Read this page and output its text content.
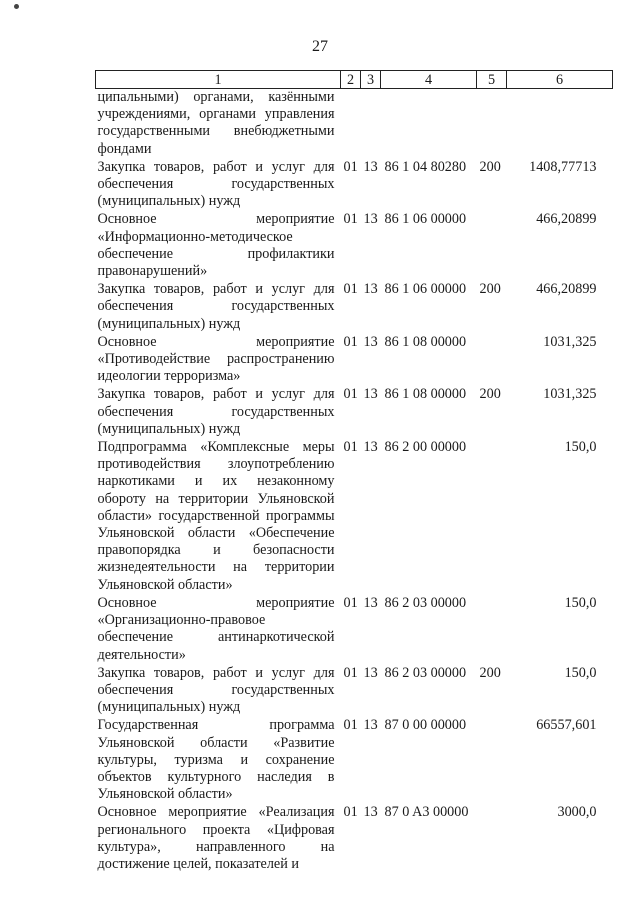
27
1	2	3	4	5	6
ципальными) органами, казёнными учреждениями, органами управления государственными внебюджетными фондами					
Закупка товаров, работ и услуг для обеспечения государственных (муниципальных) нужд	01	13	86 1 04 80280	200	1408,77713
Основное мероприятие «Информационно-методическое обеспечение профилактики правонарушений»	01	13	86 1 06 00000		466,20899
Закупка товаров, работ и услуг для обеспечения государственных (муниципальных) нужд	01	13	86 1 06 00000	200	466,20899
Основное мероприятие «Противодействие распространению идеологии терроризма»	01	13	86 1 08 00000		1031,325
Закупка товаров, работ и услуг для обеспечения государственных (муниципальных) нужд	01	13	86 1 08 00000	200	1031,325
Подпрограмма «Комплексные меры противодействия злоупотреблению наркотиками и их незаконному обороту на территории Ульяновской области» государственной программы Ульяновской области «Обеспечение правопорядка и безопасности жизнедеятельности на территории Ульяновской области»	01	13	86 2 00 00000		150,0
Основное мероприятие «Организационно-правовое обеспечение антинаркотической деятельности»	01	13	86 2 03 00000		150,0
Закупка товаров, работ и услуг для обеспечения государственных (муниципальных) нужд	01	13	86 2 03 00000	200	150,0
Государственная программа Ульяновской области «Развитие культуры, туризма и сохранение объектов культурного наследия в Ульяновской области»	01	13	87 0 00 00000		66557,601
Основное мероприятие «Реализация регионального проекта «Цифровая культура», направленного на достижение целей, показателей и	01	13	87 0 A3 00000		3000,0
